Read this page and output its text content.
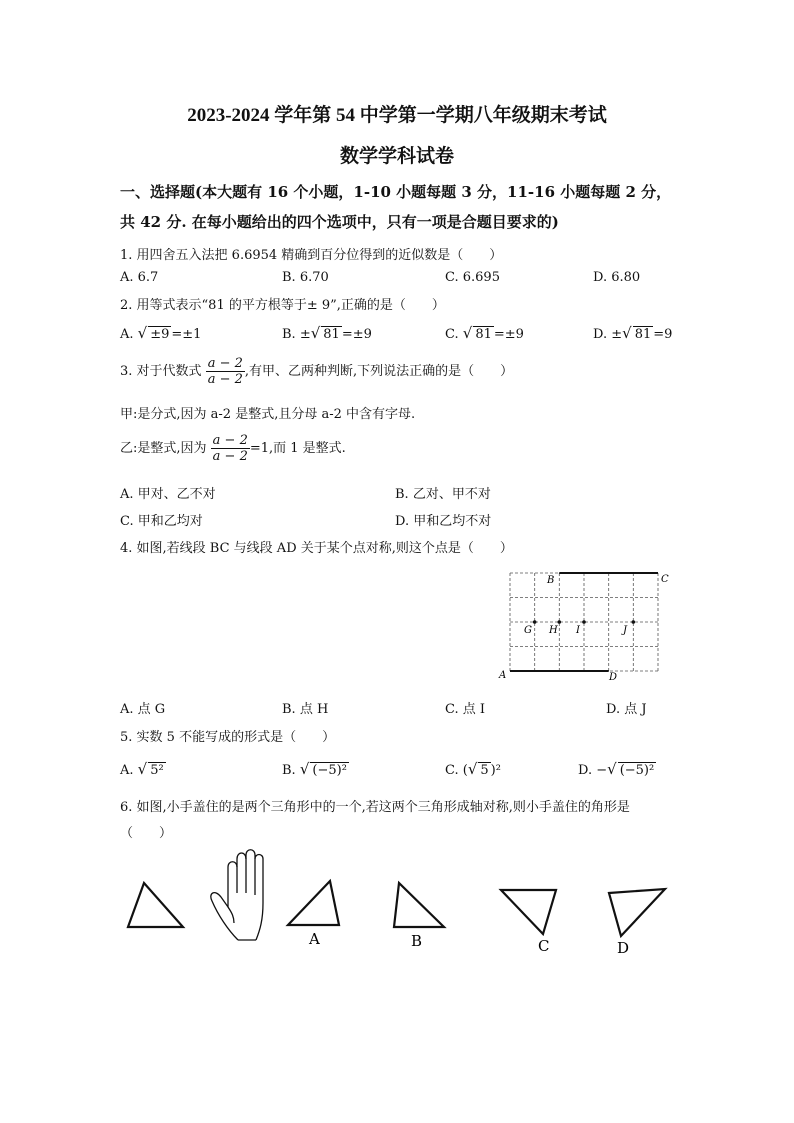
2023-2024 学年第 54 中学第一学期八年级期末考试
数学学科试卷
一、选择题(本大题有 16 个小题，1-10 小题每题 3 分，11-16 小题每题 2 分，
共 42 分. 在每小题给出的四个选项中，只有一项是合题目要求的)
1. 用四舍五入法把 6.6954 精确到百分位得到的近似数是（　　）
A. 6.7	B. 6.70	C. 6.695	D. 6.80
2. 用等式表示“81 的平方根等于± 9”,正确的是（　　）
A. √ ±9 =±1	B. ±√ 81 =±9	C. √ 81 =±9	D. ±√ 81 =9
3. 对于代数式 $\frac{a - 2}{a - 2}$ ,有甲、乙两种判断,下列说法正确的是（　　）
甲:是分式,因为 a-2 是整式,且分母 a-2 中含有字母.
乙:是整式,因为 $\frac{a - 2}{a - 2} =1$,而 1 是整式.
A. 甲对、乙不对	B. 乙对、甲不对
C. 甲和乙均对	D. 甲和乙均不对
4. 如图,若线段 BC 与线段 AD 关于某个点对称,则这个点是（　　）
B	C
A	D
G H I	J
A. 点 G	B. 点 H	C. 点 I	D. 点 J
5. 实数 5 不能写成的形式是（　　）
A. √ 5²	B. √ (−5)²	C. (√ 5 )²	D. −√ (−5)²
6. 如图,小手盖住的是两个三角形中的一个,若这两个三角形成轴对称,则小手盖住的角形是
（　　）
A	B	C	D
